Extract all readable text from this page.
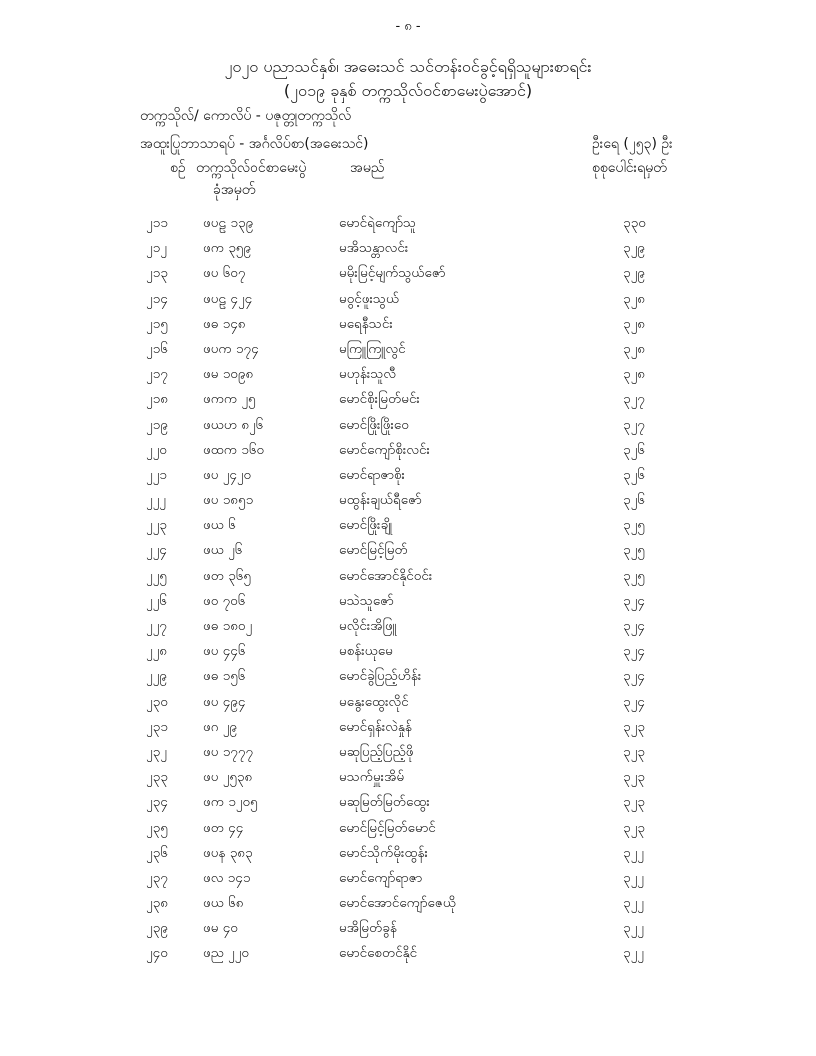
- ၈ -
၂၀၂၀ ပညာသင်နှစ်၊ အဓေးသင် သင်တန်းဝင်ခွင့်ရရှိသူများစာရင်း
(၂၀၁၉ ခုနှစ် တက္ကသိုလ်ဝင်စာမေးပွဲအောင်)
တက္ကသိုလ်/ ကောလိပ် - ပဇုတ္တုတက္ကသိုလ်
အထူးပြုဘာသာရပ် - အင်္ဂလိပ်စာ(အဓေးသင်)	ဦးရေ (၂၅၃) ဦး
စဉ် တက္ကသိုလ်ဝင်စာမေးပွဲ
ခုံအမှတ်
အမည်	စုစုပေါင်းရမှတ်
၂၁၁	ဖပဠ ၁၃၉	မောင်ရဲကျော်သူ	၃၃၀
၂၁၂	ဖက ၃၅၉	မအိသန္တာလင်း	၃၂၉
၂၁၃	ဖပ ၆၀၇	မမိုးမြင့်မျက်သွယ်ဇော်	၃၂၉
၂၁၄	ဖပဠ ၄၂၄	မဝွင့်ဖူးသွယ်	၃၂၈
၂၁၅	ဖဓ ၁၄၈	မရေနီသင်း	၃၂၈
၂၁၆	ဖပက ၁၇၄	မကြူကြူလွင်	၃၂၈
၂၁၇	ဖမ ၁၀၉၈	မဟုန်းသူလီ	၃၂၈
၂၁၈	ဖကက ၂၅	မောင်စိုးမြတ်မင်း	၃၂၇
၂၁၉	ဖယဟ ၈၂၆	မောင်ဖြိုးဖြိုးဝေ	၃၂၇
၂၂၀	ဖထက ၁၆၀	မောင်ကျော်စိုးလင်း	၃၂၆
၂၂၁	ဖပ ၂၄၂၀	မောင်ရာဇာစိုး	၃၂၆
၂၂၂	ဖပ ၁၈၅၁	မထွန်းချယ်ရီဇော်	၃၂၆
၂၂၃	ဖယ ၆	မောင်ဖြိုးချို	၃၂၅
၂၂၄	ဖယ ၂၆	မောင်မြင့်မြတ်	၃၂၅
၂၂၅	ဖတ ၃၆၅	မောင်အောင်နိုင်ဝင်း	၃၂၅
၂၂၆	ဖဝ ၇၀၆	မသဲသူဇော်	၃၂၄
၂၂၇	ဖဓ ၁၈၀၂	မလိုင်းအိဖြူ	၃၂၄
၂၂၈	ဖပ ၄၄၆	မစန်းယုမေ	၃၂၄
၂၂၉	ဖဓ ၁၅၆	မောင်ခွဲပြည့်ဟိန်း	၃၂၄
၂၃၀	ဖပ ၄၉၄	မနွေးထွေးလိုင်	၃၂၄
၂၃၁	ဖဂ ၂၉	မောင်ရှန်းလဲနှုန်	၃၂၃
၂၃၂	ဖပ ၁၇၇၇	မဆုပြည့်ပြည့်ဖို	၃၂၃
၂၃၃	ဖပ ၂၅၃၈	မသက်မှူးအိမ်	၃၂၃
၂၃၄	ဖက ၁၂၀၅	မဆုမြတ်မြတ်ထွေး	၃၂၃
၂၃၅	ဖတ ၄၄	မောင်မြင့်မြတ်မောင်	၃၂၃
၂၃၆	ဖပန ၃၈၃	မောင်သိုက်မိုးထွန်း	၃၂၂
၂၃၇	ဖလ ၁၄၁	မောင်ကျော်ရာဇာ	၃၂၂
၂၃၈	ဖယ ၆၈	မောင်အောင်ကျော်ဇေယို	၃၂၂
၂၃၉	ဖမ ၄၀	မအိမြတ်ခွန်	၃၂၂
၂၄၀	ဖည ၂၂၀	မောင်စေတင်နိုင်	၃၂၂
